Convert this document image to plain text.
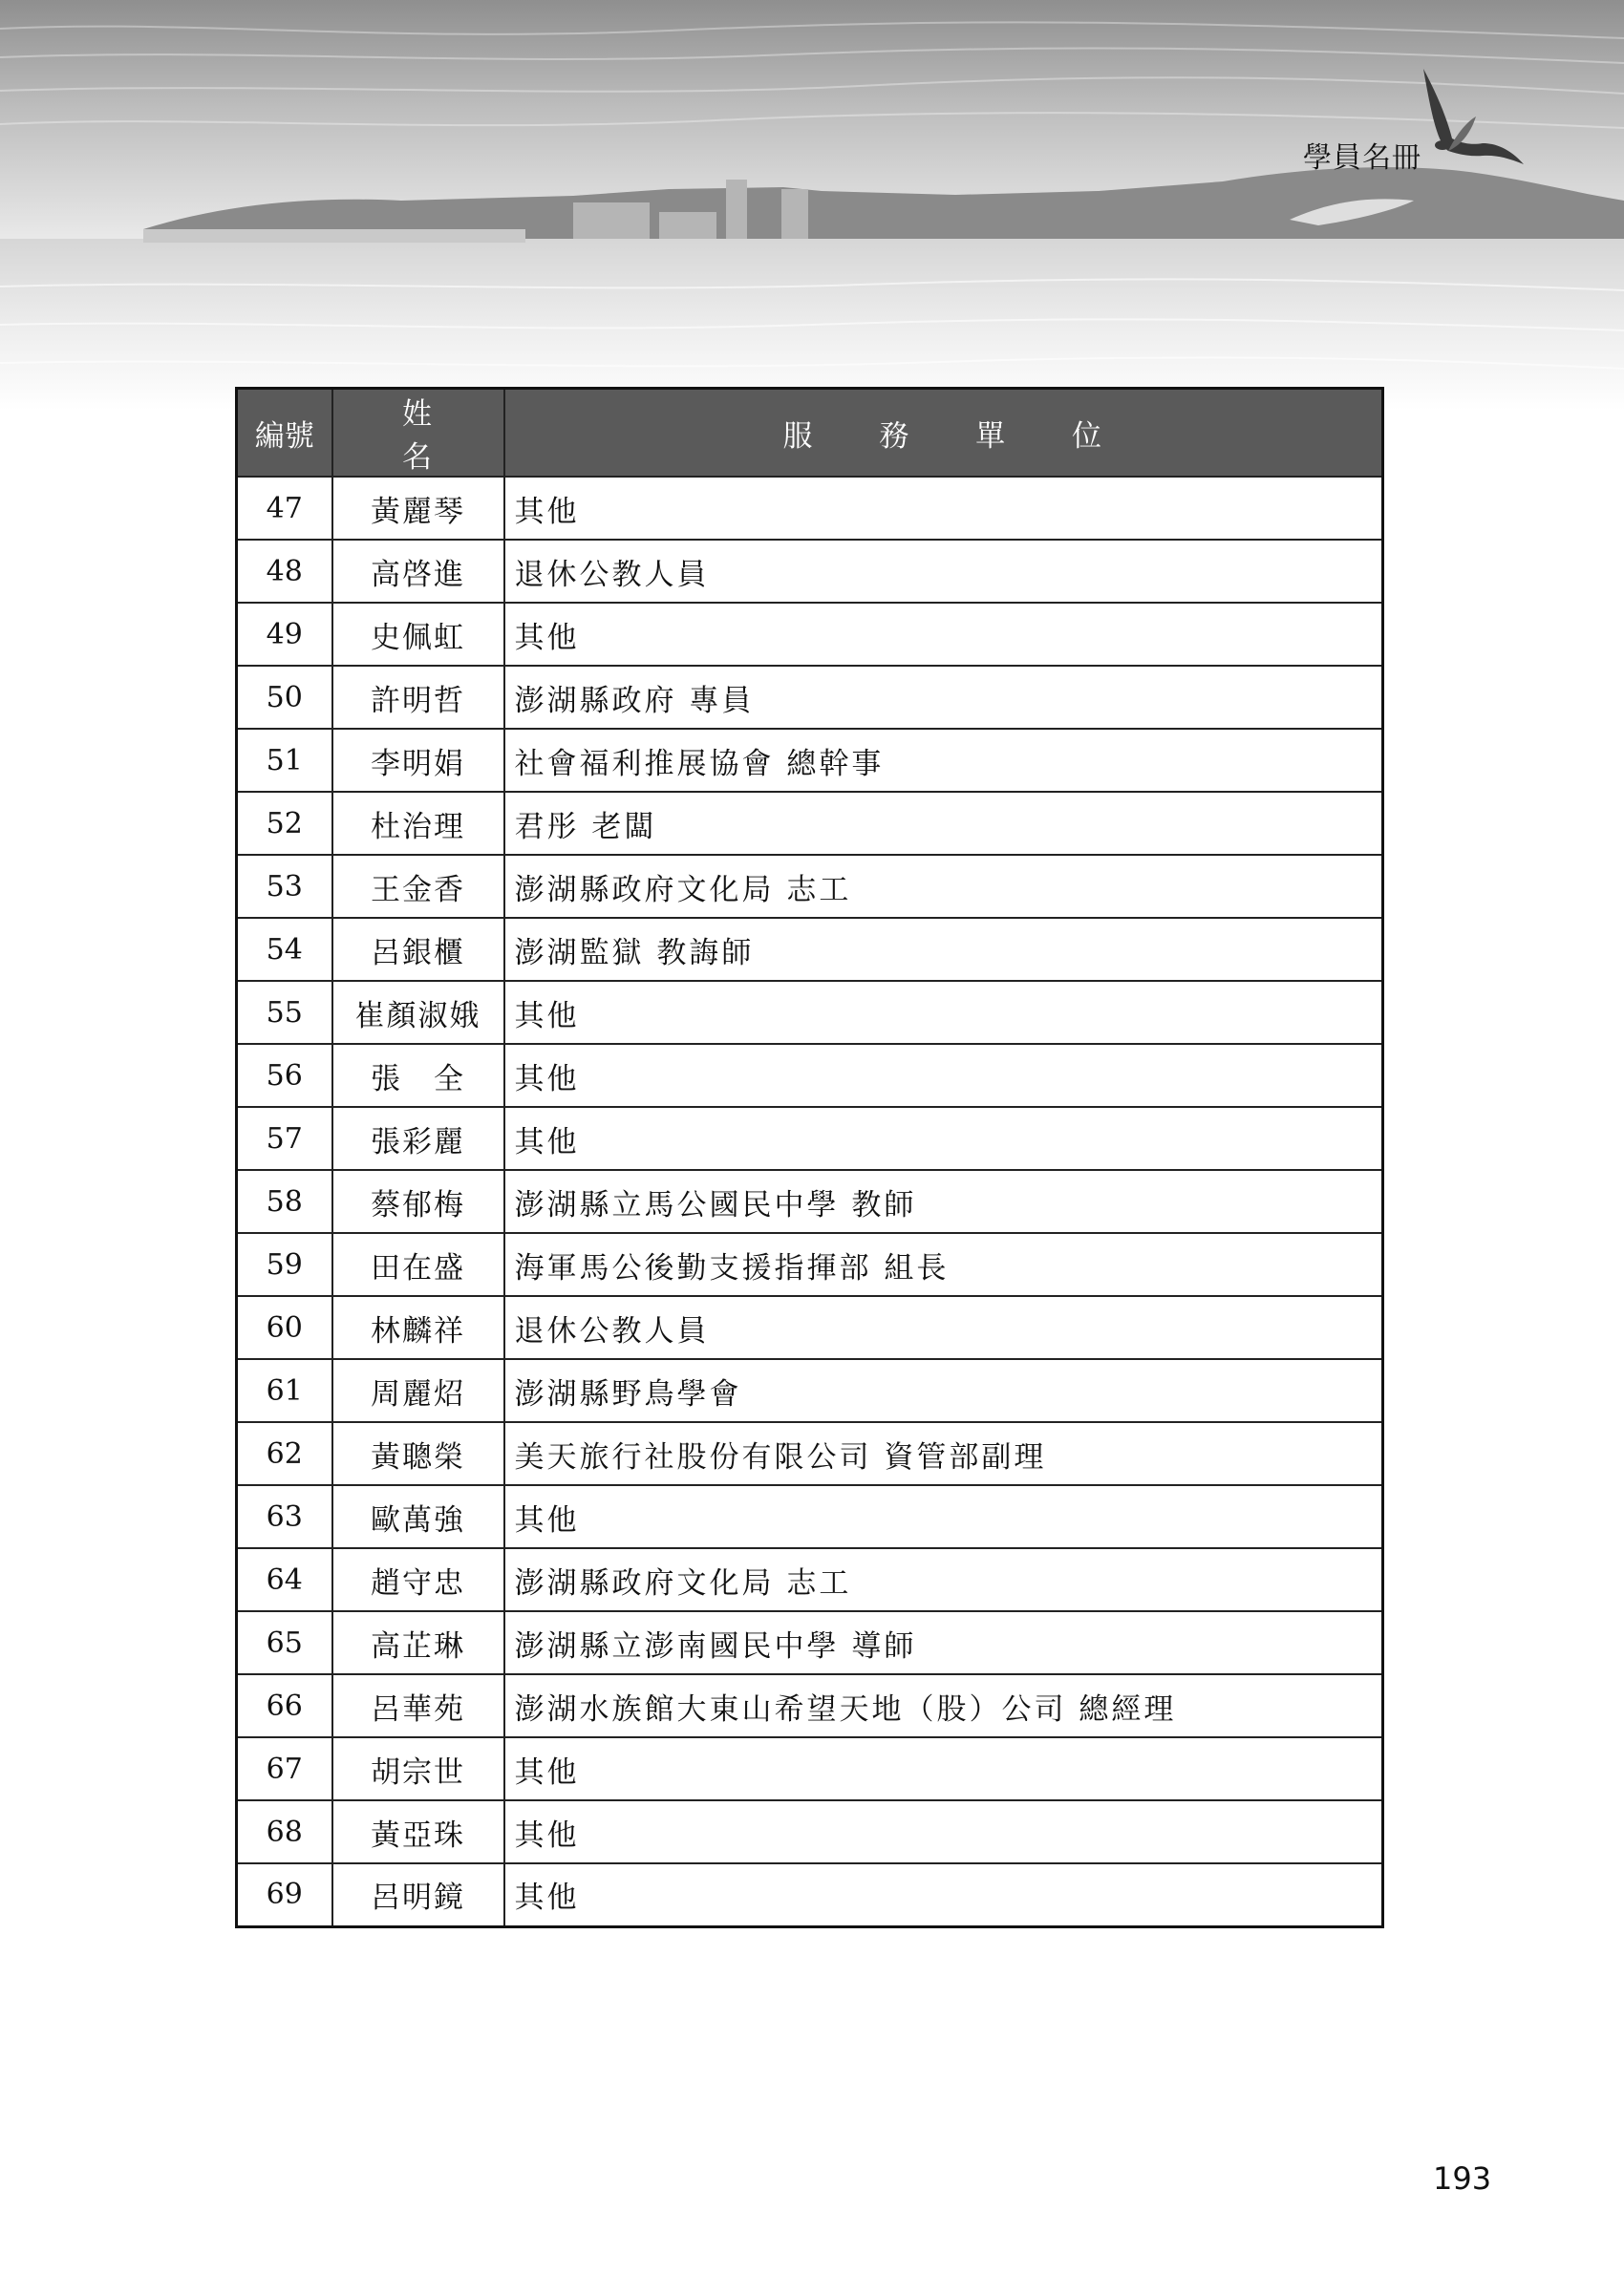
學員名冊
編號	姓 名	服 務 單 位
47	黃麗琴	其他
48	高啓進	退休公教人員
49	史佩虹	其他
50	許明哲	澎湖縣政府 專員
51	李明娟	社會福利推展協會 總幹事
52	杜治理	君彤 老闆
53	王金香	澎湖縣政府文化局 志工
54	呂銀櫃	澎湖監獄 教誨師
55	崔顏淑娥	其他
56	張　全	其他
57	張彩麗	其他
58	蔡郁梅	澎湖縣立馬公國民中學 教師
59	田在盛	海軍馬公後勤支援指揮部 組長
60	林麟祥	退休公教人員
61	周麗炤	澎湖縣野鳥學會
62	黃聰榮	美天旅行社股份有限公司 資管部副理
63	歐萬強	其他
64	趙守忠	澎湖縣政府文化局 志工
65	高芷琳	澎湖縣立澎南國民中學 導師
66	呂華苑	澎湖水族館大東山希望天地（股）公司 總經理
67	胡宗世	其他
68	黃亞珠	其他
69	呂明鏡	其他
193
